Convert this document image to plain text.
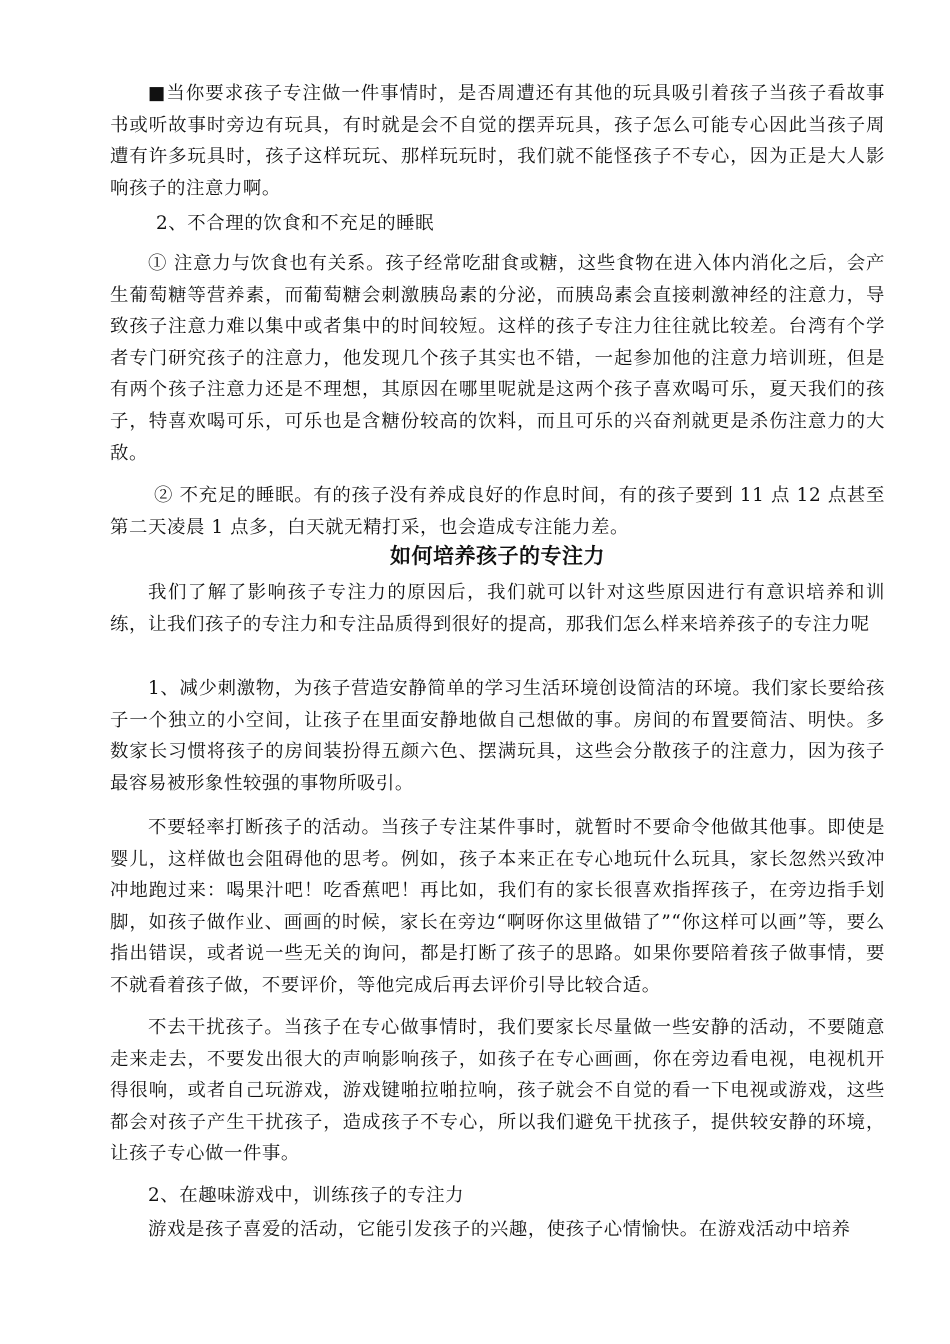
■当你要求孩子专注做一件事情时，是否周遭还有其他的玩具吸引着孩子当孩子看故事书或听故事时旁边有玩具，有时就是会不自觉的摆弄玩具，孩子怎么可能专心因此当孩子周遭有许多玩具时，孩子这样玩玩、那样玩玩时，我们就不能怪孩子不专心，因为正是大人影响孩子的注意力啊。

2、不合理的饮食和不充足的睡眠

① 注意力与饮食也有关系。孩子经常吃甜食或糖，这些食物在进入体内消化之后，会产生葡萄糖等营养素，而葡萄糖会刺激胰岛素的分泌，而胰岛素会直接刺激神经的注意力，导致孩子注意力难以集中或者集中的时间较短。这样的孩子专注力往往就比较差。台湾有个学者专门研究孩子的注意力，他发现几个孩子其实也不错，一起参加他的注意力培训班，但是有两个孩子注意力还是不理想，其原因在哪里呢就是这两个孩子喜欢喝可乐，夏天我们的孩子，特喜欢喝可乐，可乐也是含糖份较高的饮料，而且可乐的兴奋剂就更是杀伤注意力的大敌。

② 不充足的睡眠。有的孩子没有养成良好的作息时间，有的孩子要到 11 点 12 点甚至第二天凌晨 1 点多，白天就无精打采，也会造成专注能力差。

如何培养孩子的专注力

我们了解了影响孩子专注力的原因后，我们就可以针对这些原因进行有意识培养和训练，让我们孩子的专注力和专注品质得到很好的提高，那我们怎么样来培养孩子的专注力呢

1、减少刺激物，为孩子营造安静简单的学习生活环境创设简洁的环境。我们家长要给孩子一个独立的小空间，让孩子在里面安静地做自己想做的事。房间的布置要简洁、明快。多数家长习惯将孩子的房间装扮得五颜六色、摆满玩具，这些会分散孩子的注意力，因为孩子最容易被形象性较强的事物所吸引。

不要轻率打断孩子的活动。当孩子专注某件事时，就暂时不要命令他做其他事。即使是婴儿，这样做也会阻碍他的思考。例如，孩子本来正在专心地玩什么玩具，家长忽然兴致冲冲地跑过来：喝果汁吧！吃香蕉吧！再比如，我们有的家长很喜欢指挥孩子，在旁边指手划脚，如孩子做作业、画画的时候，家长在旁边“啊呀你这里做错了”“你这样可以画”等，要么指出错误，或者说一些无关的询问，都是打断了孩子的思路。如果你要陪着孩子做事情，要不就看着孩子做，不要评价，等他完成后再去评价引导比较合适。

不去干扰孩子。当孩子在专心做事情时，我们要家长尽量做一些安静的活动，不要随意走来走去，不要发出很大的声响影响孩子，如孩子在专心画画，你在旁边看电视，电视机开得很响，或者自己玩游戏，游戏键啪拉啪拉响，孩子就会不自觉的看一下电视或游戏，这些都会对孩子产生干扰孩子，造成孩子不专心，所以我们避免干扰孩子，提供较安静的环境，让孩子专心做一件事。

2、在趣味游戏中，训练孩子的专注力

游戏是孩子喜爱的活动，它能引发孩子的兴趣，使孩子心情愉快。在游戏活动中培养
